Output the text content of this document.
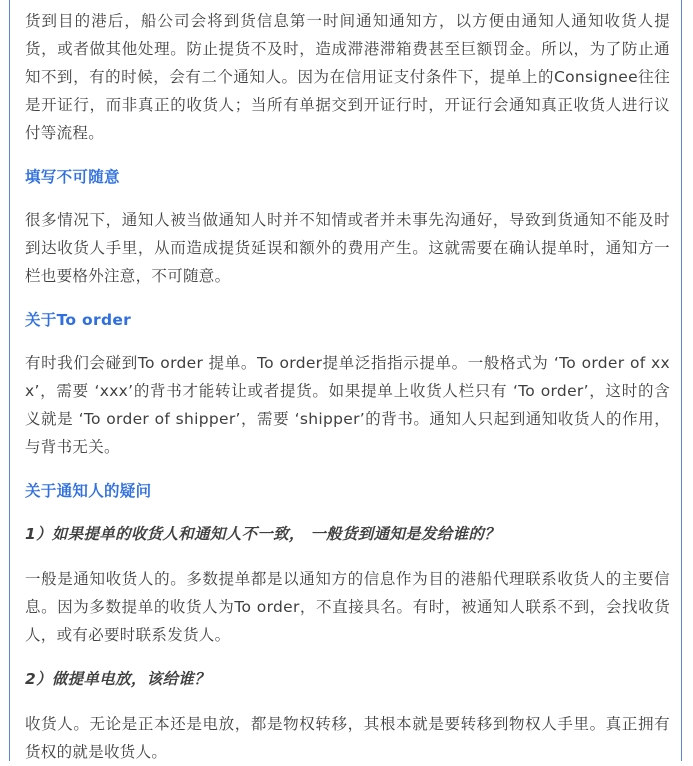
货到目的港后，船公司会将到货信息第一时间通知通知方，以方便由通知人通知收货人提货，或者做其他处理。防止提货不及时，造成滞港滞箱费甚至巨额罚金。所以，为了防止通知不到，有的时候，会有二个通知人。因为在信用证支付条件下，提单上的Consignee往往是开证行，而非真正的收货人；当所有单据交到开证行时，开证行会通知真正收货人进行议付等流程。

填写不可随意

很多情况下，通知人被当做通知人时并不知情或者并未事先沟通好，导致到货通知不能及时到达收货人手里，从而造成提货延误和额外的费用产生。这就需要在确认提单时，通知方一栏也要格外注意，不可随意。

关于To order

有时我们会碰到To order 提单。To order提单泛指指示提单。一般格式为 ‘To order of xxx’，需要 ‘xxx’的背书才能转让或者提货。如果提单上收货人栏只有 ‘To order’，这时的含义就是 ‘To order of shipper’，需要 ‘shipper’的背书。通知人只起到通知收货人的作用，与背书无关。

关于通知人的疑问
1）如果提单的收货人和通知人不一致， 一般货到通知是发给谁的？

一般是通知收货人的。多数提单都是以通知方的信息作为目的港船代理联系收货人的主要信息。因为多数提单的收货人为To order，不直接具名。有时，被通知人联系不到，会找收货人，或有必要时联系发货人。

2）做提单电放，该给谁？

收货人。无论是正本还是电放，都是物权转移，其根本就是要转移到物权人手里。真正拥有货权的就是收货人。
